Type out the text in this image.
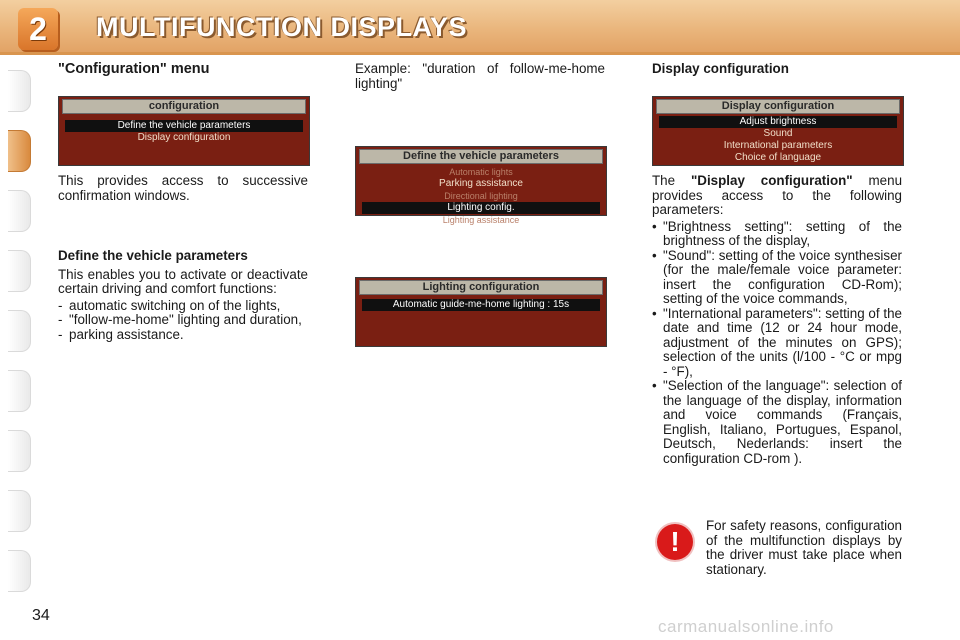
2	MULTIFUNCTION DISPLAYS
"Configuration" menu
configuration
Define the vehicle parameters
Display configuration

This provides access to successive confirmation windows.

Define the vehicle parameters

This enables you to activate or deactivate certain driving and comfort functions:

- automatic switching on of the lights,
- "follow-me-home" lighting and duration,
- parking assistance.

Example: "duration of follow-me-home lighting"

Define the vehicle parameters
Automatic lights
Parking assistance
Directional lighting
Lighting config.
Lighting assistance
Lighting configuration
Automatic guide-me-home lighting : 15s
Display configuration
Display configuration
Adjust brightness
Sound
International parameters
Choice of language

The "Display configuration" menu provides access to the following parameters:

• "Brightness setting": setting of the brightness of the display,
• "Sound": setting of the voice synthesiser (for the male/female voice parameter: insert the configuration CD-Rom); setting of the voice commands,
• "International parameters": setting of the date and time (12 or 24 hour mode, adjustment of the minutes on GPS); selection of the units (l/100 - °C or mpg - °F),
• "Selection of the language": selection of the language of the display, information and voice commands (Français, English, Italiano, Portugues, Espanol, Deutsch, Nederlands: insert the configuration CD-rom ).
!
For safety reasons, configuration of the multifunction displays by the driver must take place when stationary.
34
carmanualsonline.info
